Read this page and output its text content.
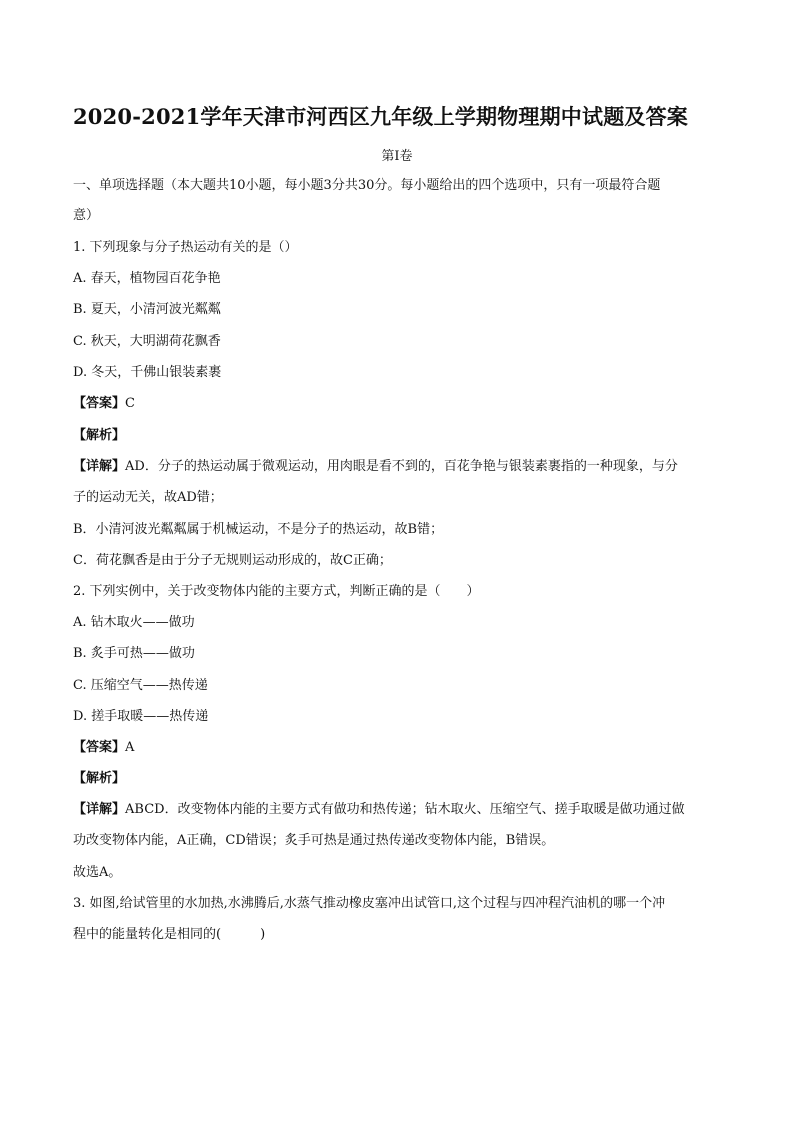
2020-2021学年天津市河西区九年级上学期物理期中试题及答案
第Ⅰ卷
一、单项选择题（本大题共10小题，每小题3分共30分。每小题给出的四个选项中，只有一项最符合题
意）
1. 下列现象与分子热运动有关的是（）
A. 春天，植物园百花争艳
B. 夏天，小清河波光粼粼
C. 秋天，大明湖荷花飘香
D. 冬天，千佛山银装素裹
【答案】C
【解析】
【详解】AD．分子的热运动属于微观运动，用肉眼是看不到的，百花争艳与银装素裹指的一种现象，与分
子的运动无关，故AD错；
B．小清河波光粼粼属于机械运动，不是分子的热运动，故B错；
C．荷花飘香是由于分子无规则运动形成的，故C正确；
2. 下列实例中，关于改变物体内能的主要方式，判断正确的是（　　）
A. 钻木取火——做功
B. 炙手可热——做功
C. 压缩空气——热传递
D. 搓手取暖——热传递
【答案】A
【解析】
【详解】ABCD．改变物体内能的主要方式有做功和热传递；钻木取火、压缩空气、搓手取暖是做功通过做
功改变物体内能，A正确，CD错误；炙手可热是通过热传递改变物体内能，B错误。
故选A。
3. 如图,给试管里的水加热,水沸腾后,水蒸气推动橡皮塞冲出试管口,这个过程与四冲程汽油机的哪一个冲
程中的能量转化是相同的(　　　)
